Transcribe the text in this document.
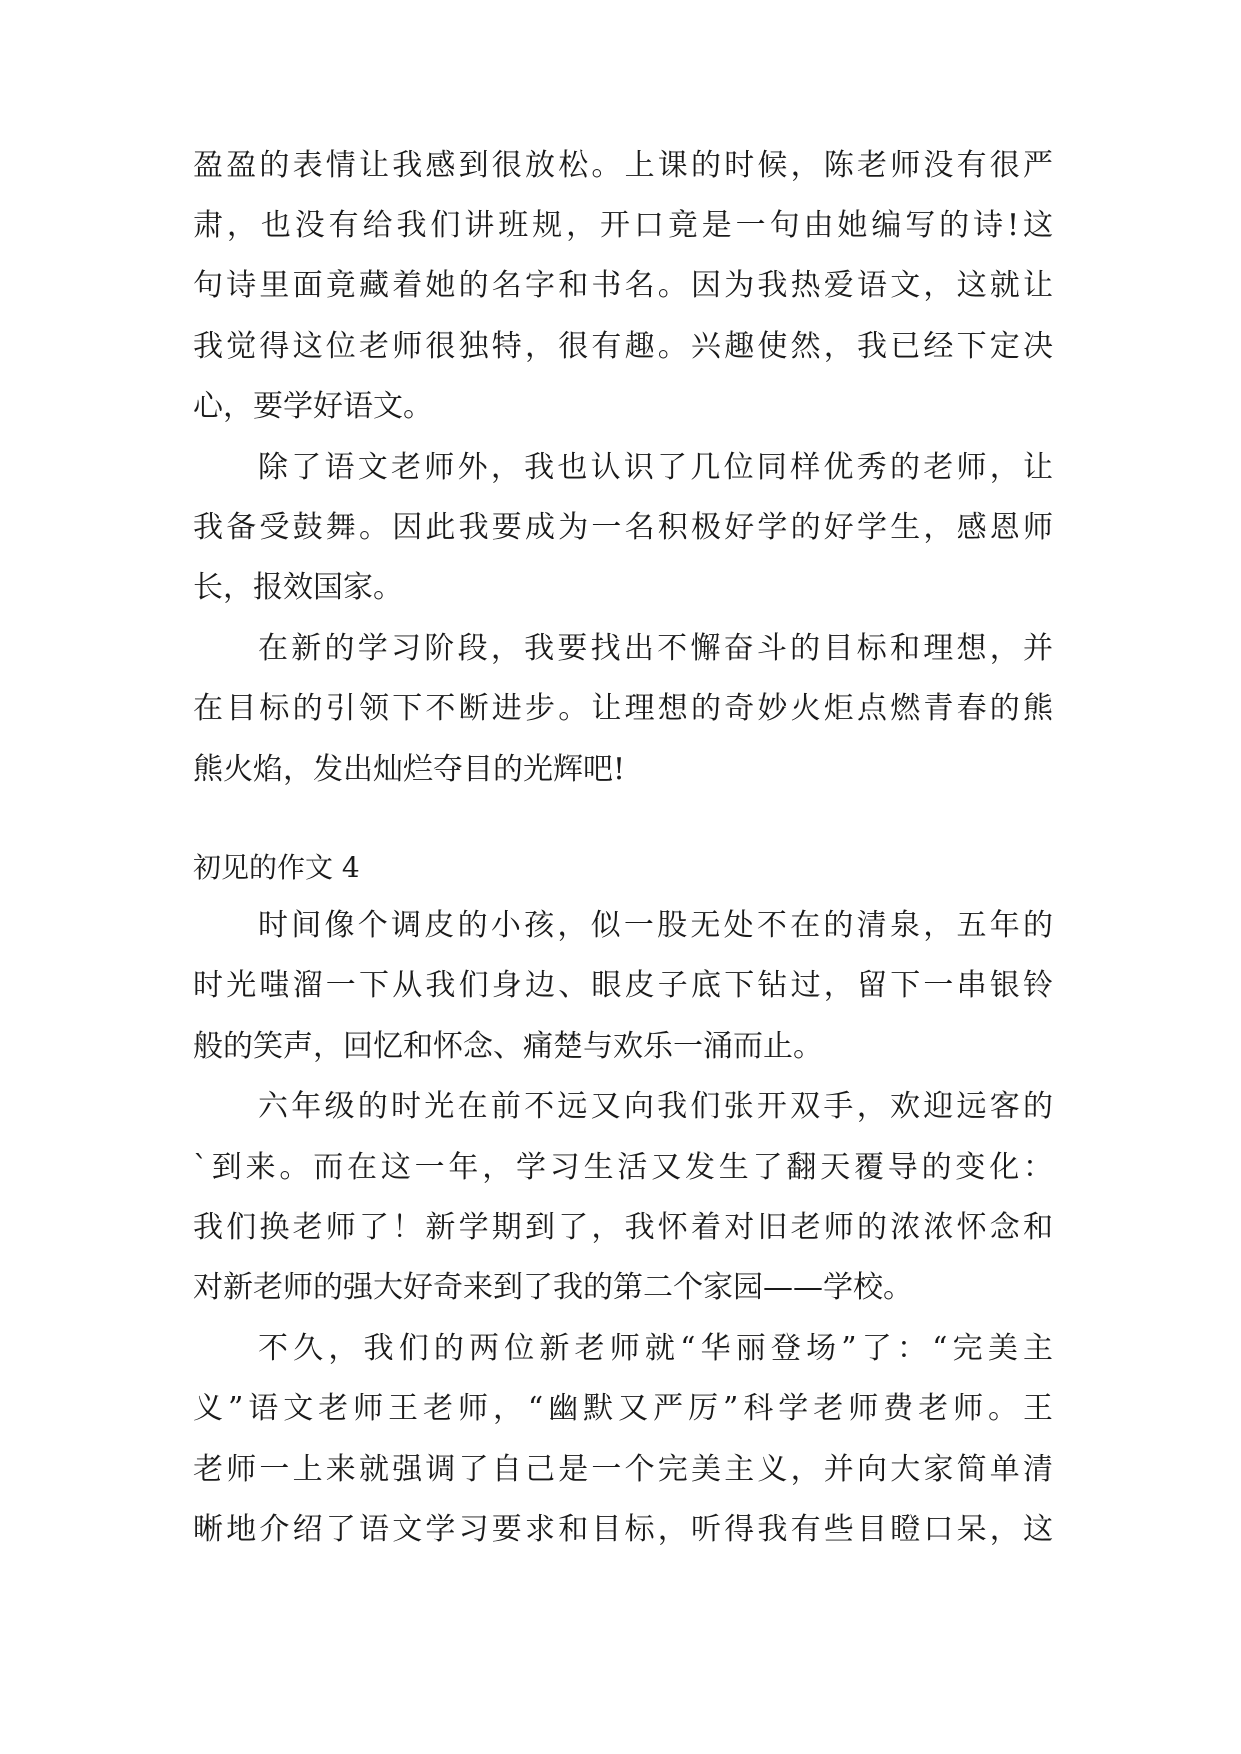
盈盈的表情让我感到很放松。上课的时候，陈老师没有很严
肃，也没有给我们讲班规，开口竟是一句由她编写的诗!这
句诗里面竟藏着她的名字和书名。因为我热爱语文，这就让
我觉得这位老师很独特，很有趣。兴趣使然，我已经下定决
心，要学好语文。
除了语文老师外，我也认识了几位同样优秀的老师，让
我备受鼓舞。因此我要成为一名积极好学的好学生，感恩师
长，报效国家。
在新的学习阶段，我要找出不懈奋斗的目标和理想，并
在目标的引领下不断进步。让理想的奇妙火炬点燃青春的熊
熊火焰，发出灿烂夺目的光辉吧!
初见的作文 4
时间像个调皮的小孩，似一股无处不在的清泉，五年的
时光嗤溜一下从我们身边、眼皮子底下钻过，留下一串银铃
般的笑声，回忆和怀念、痛楚与欢乐一涌而止。
六年级的时光在前不远又向我们张开双手，欢迎远客的
`到来。而在这一年，学习生活又发生了翻天覆导的变化：
我们换老师了！新学期到了，我怀着对旧老师的浓浓怀念和
对新老师的强大好奇来到了我的第二个家园——学校。
不久，我们的两位新老师就“华丽登场”了：“完美主
义”语文老师王老师，“幽默又严厉”科学老师费老师。王
老师一上来就强调了自己是一个完美主义，并向大家简单清
晰地介绍了语文学习要求和目标，听得我有些目瞪口呆，这
